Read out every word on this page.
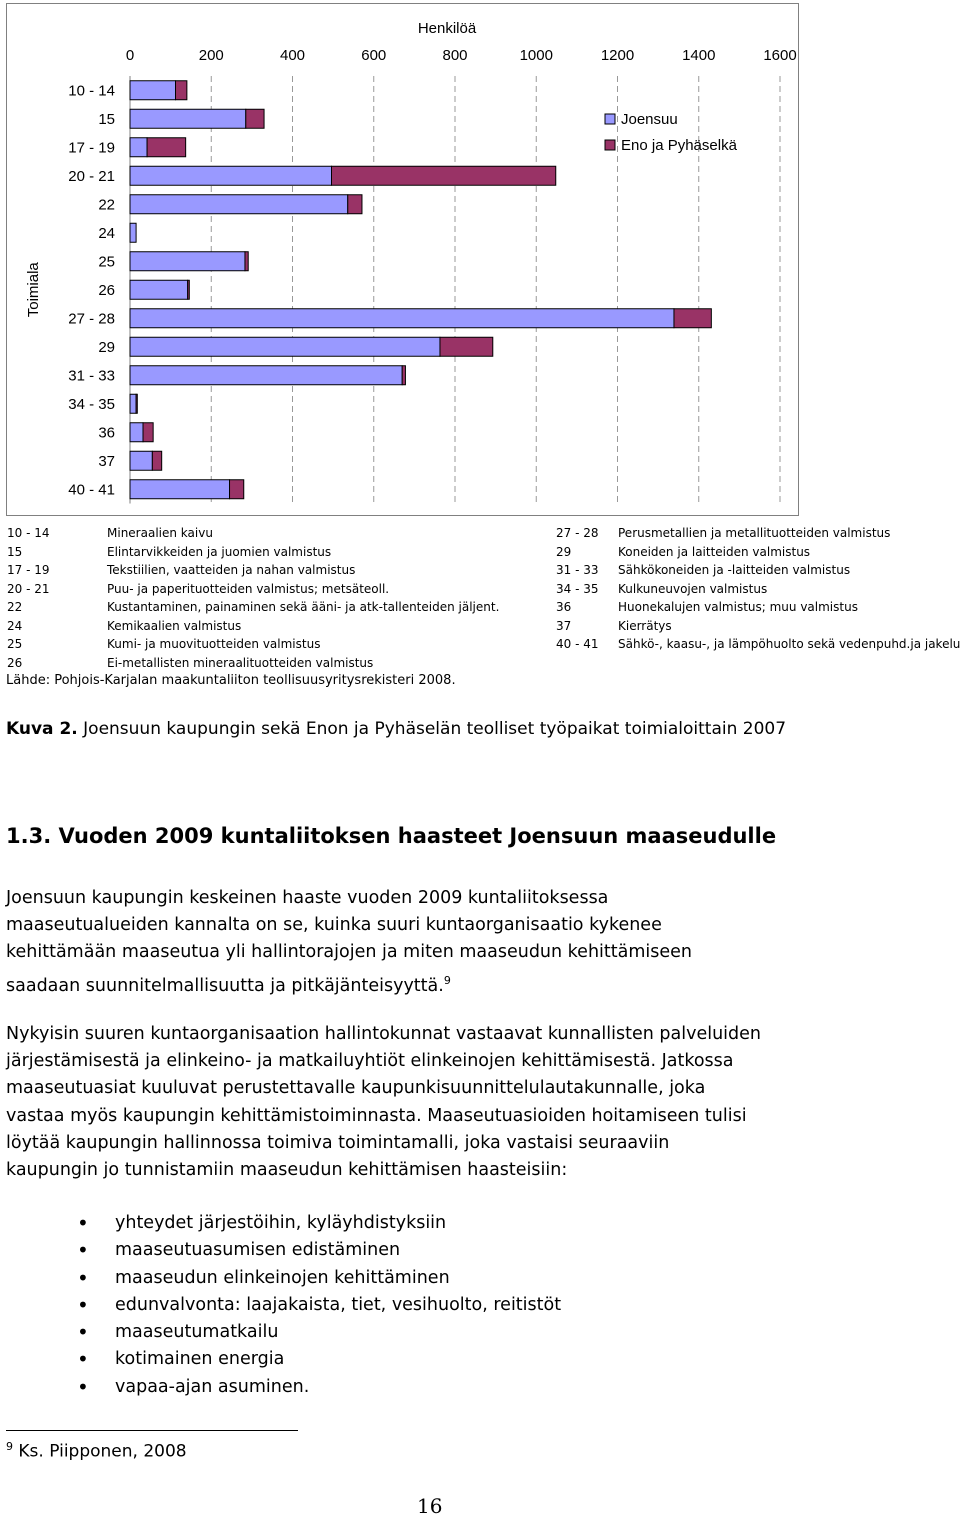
Henkilöä
0	200	400	600	800	1000	1200	1400	1600
Toimiala
10 - 14
15
17 - 19
20 - 21
22
24
25
26
27 - 28
29
31 - 33
34 - 35
36
37
40 - 41
Joensuu
Eno ja Pyhäselkä
10 - 14	Mineraalien kaivu
15	Elintarvikkeiden ja juomien valmistus
17 - 19	Tekstiilien, vaatteiden ja nahan valmistus
20 - 21	Puu- ja paperituotteiden valmistus; metsäteoll.
22	Kustantaminen, painaminen sekä ääni- ja atk-tallenteiden jäljent.
24	Kemikaalien valmistus
25	Kumi- ja muovituotteiden valmistus
26	Ei-metallisten mineraalituotteiden valmistus
27 - 28 Perusmetallien ja metallituotteiden valmistus
29	Koneiden ja laitteiden valmistus
31 - 33 Sähkökoneiden ja -laitteiden valmistus
34 - 35 Kulkuneuvojen valmistus
36	Huonekalujen valmistus; muu valmistus
37	Kierrätys
40 - 41 Sähkö-, kaasu-, ja lämpöhuolto sekä vedenpuhd.ja jakelu
Lähde: Pohjois-Karjalan maakuntaliiton teollisuusyritysrekisteri 2008.
Kuva 2. Joensuun kaupungin sekä Enon ja Pyhäselän teolliset työpaikat toimialoittain 2007
1.3. Vuoden 2009 kuntaliitoksen haasteet Joensuun maaseudulle
Joensuun kaupungin keskeinen haaste vuoden 2009 kuntaliitoksessa
maaseutualueiden kannalta on se, kuinka suuri kuntaorganisaatio kykenee
kehittämään maaseutua yli hallintorajojen ja miten maaseudun kehittämiseen
saadaan suunnitelmallisuutta ja pitkäjänteisyyttä.$^9$
Nykyisin suuren kuntaorganisaation hallintokunnat vastaavat kunnallisten palveluiden
järjestämisestä ja elinkeino- ja matkailuyhtiöt elinkeinojen kehittämisestä. Jatkossa
maaseutuasiat kuuluvat perustettavalle kaupunkisuunnittelulautakunnalle, joka
vastaa myös kaupungin kehittämistoiminnasta. Maaseutuasioiden hoitamiseen tulisi
löytää kaupungin hallinnossa toimiva toimintamalli, joka vastaisi seuraaviin
kaupungin jo tunnistamiin maaseudun kehittämisen haasteisiin:
• yhteydet järjestöihin, kyläyhdistyksiin
• maaseutuasumisen edistäminen
• maaseudun elinkeinojen kehittäminen
• edunvalvonta: laajakaista, tiet, vesihuolto, reitistöt
• maaseutumatkailu
• kotimainen energia
• vapaa-ajan asuminen.
$^9$ Ks. Piipponen, 2008
16
